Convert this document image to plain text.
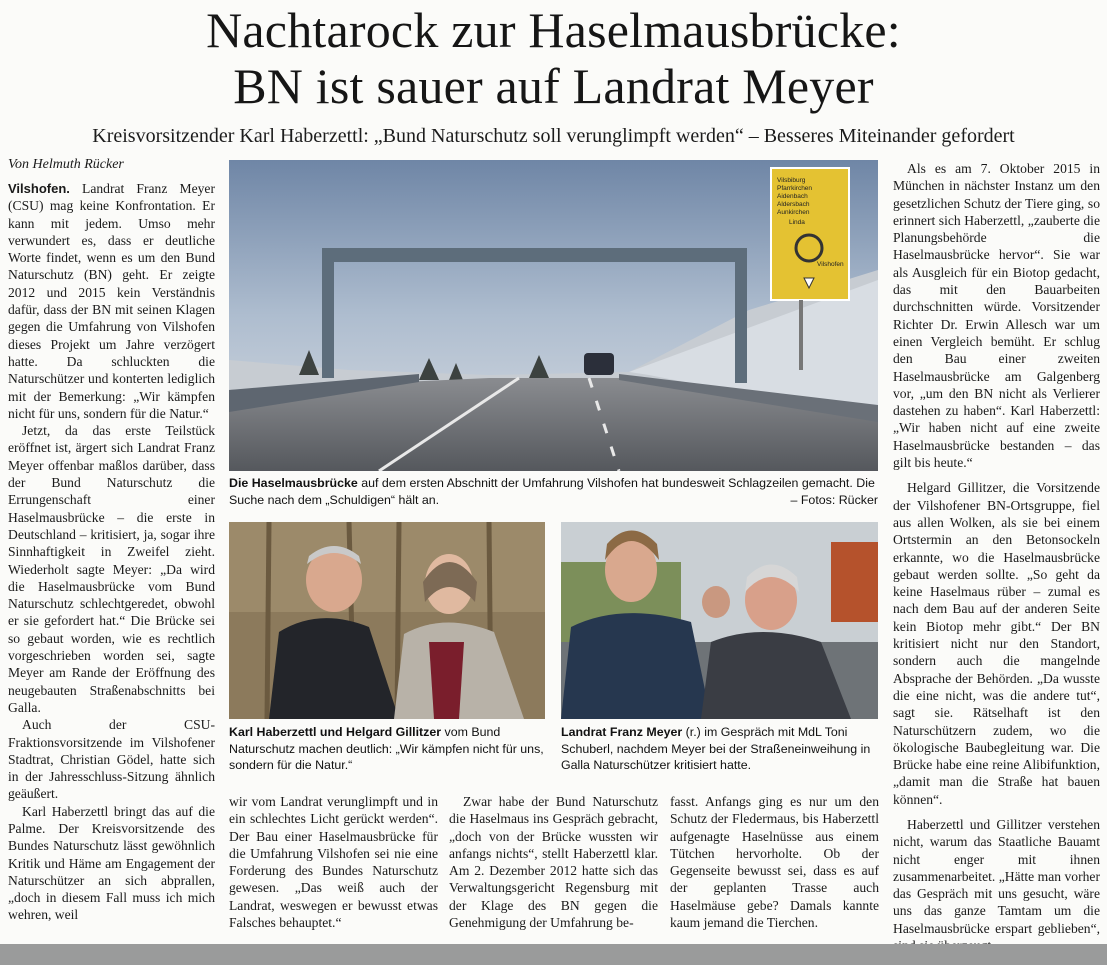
Nachtarock zur Haselmausbrücke:
BN ist sauer auf Landrat Meyer
Kreisvorsitzender Karl Haberzettl: „Bund Naturschutz soll verunglimpft werden“ – Besseres Miteinander gefordert
Von Helmuth Rücker

Vilshofen. Landrat Franz Meyer (CSU) mag keine Konfrontation. Er kann mit jedem. Umso mehr verwundert es, dass er deutliche Worte findet, wenn es um den Bund Naturschutz (BN) geht. Er zeigte 2012 und 2015 kein Verständnis dafür, dass der BN mit seinen Klagen gegen die Umfahrung von Vilshofen dieses Projekt um Jahre verzögert hatte. Da schluckten die Naturschützer und konterten lediglich mit der Bemerkung: „Wir kämpfen nicht für uns, sondern für die Natur.“

Jetzt, da das erste Teilstück eröffnet ist, ärgert sich Landrat Franz Meyer offenbar maßlos darüber, dass der Bund Naturschutz die Errungenschaft einer Haselmausbrücke – die erste in Deutschland – kritisiert, ja, sogar ihre Sinnhaftigkeit in Zweifel zieht. Wiederholt sagte Meyer: „Da wird die Haselmausbrücke vom Bund Naturschutz schlechtgeredet, obwohl er sie gefordert hat.“ Die Brücke sei so gebaut worden, wie es rechtlich vorgeschrieben worden sei, sagte Meyer am Rande der Eröffnung des neugebauten Straßenabschnitts bei Galla.

Auch der CSU-Fraktionsvorsitzende im Vilshofener Stadtrat, Christian Gödel, hatte sich in der Jahresschluss-Sitzung ähnlich geäußert.

Karl Haberzettl bringt das auf die Palme. Der Kreisvorsitzende des Bundes Naturschutz lässt gewöhnlich Kritik und Häme am Engagement der Naturschützer an sich abprallen, „doch in diesem Fall muss ich mich wehren, weil

Vilsbiburg
Pfarrkirchen
Aidenbach
Aldersbach
Aunkirchen
Linda
Vilshofen
Die Haselmausbrücke auf dem ersten Abschnitt der Umfahrung Vilshofen hat bundesweit Schlagzeilen gemacht. Die Suche nach dem „Schuldigen“ hält an.	– Fotos: Rücker
Karl Haberzettl und Helgard Gillitzer vom Bund Naturschutz machen deutlich: „Wir kämpfen nicht für uns, sondern für die Natur.“
Landrat Franz Meyer (r.) im Gespräch mit MdL Toni Schuberl, nachdem Meyer bei der Straßeneinweihung in Galla Naturschützer kritisiert hatte.

wir vom Landrat verunglimpft und in ein schlechtes Licht gerückt werden“. Der Bau einer Haselmausbrücke für die Umfahrung Vilshofen sei nie eine Forderung des Bundes Naturschutz gewesen. „Das weiß auch der Landrat, weswegen er bewusst etwas Falsches behauptet.“

Zwar habe der Bund Naturschutz die Haselmaus ins Gespräch gebracht, „doch von der Brücke wussten wir anfangs nichts“, stellt Haberzettl klar. Am 2. Dezember 2012 hatte sich das Verwaltungsgericht Regensburg mit der Klage des BN gegen die Genehmigung der Umfahrung be-

fasst. Anfangs ging es nur um den Schutz der Fledermaus, bis Haberzettl aufgenagte Haselnüsse aus einem Tütchen hervorholte. Ob der Gegenseite bewusst sei, dass es auf der geplanten Trasse auch Haselmäuse gebe? Damals kannte kaum jemand die Tierchen.

Als es am 7. Oktober 2015 in München in nächster Instanz um den gesetzlichen Schutz der Tiere ging, so erinnert sich Haberzettl, „zauberte die Planungsbehörde die Haselmausbrücke hervor“. Sie war als Ausgleich für ein Biotop gedacht, das mit den Bauarbeiten durchschnitten würde. Vorsitzender Richter Dr. Erwin Allesch war um einen Vergleich bemüht. Er schlug den Bau einer zweiten Haselmausbrücke am Galgenberg vor, „um den BN nicht als Verlierer dastehen zu haben“. Karl Haberzettl: „Wir haben nicht auf eine zweite Haselmausbrücke bestanden – das gilt bis heute.“

Helgard Gillitzer, die Vorsitzende der Vilshofener BN-Ortsgruppe, fiel aus allen Wolken, als sie bei einem Ortstermin an den Betonsockeln erkannte, wo die Haselmausbrücke gebaut werden sollte. „So geht da keine Haselmaus rüber – zumal es nach dem Bau auf der anderen Seite kein Biotop mehr gibt.“ Der BN kritisiert nicht nur den Standort, sondern auch die mangelnde Absprache der Behörden. „Da wusste die eine nicht, was die andere tut“, sagt sie. Rätselhaft ist den Naturschützern zudem, wo die ökologische Baubegleitung war. Die Brücke habe eine reine Alibifunktion, „damit man die Straße hat bauen können“.

Haberzettl und Gillitzer verstehen nicht, warum das Staatliche Bauamt nicht enger mit ihnen zusammenarbeitet. „Hätte man vorher das Gespräch mit uns gesucht, wäre uns das ganze Tamtam um die Haselmausbrücke erspart geblieben“,
